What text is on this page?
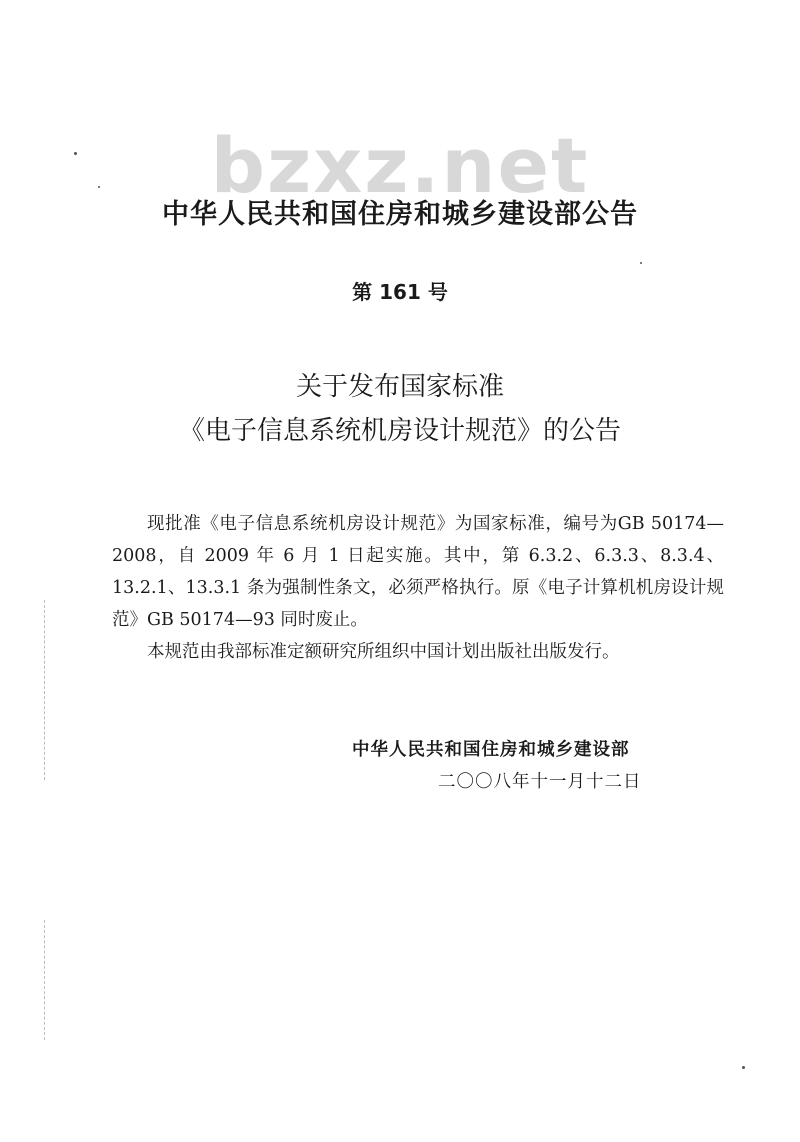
bzxz.net
中华人民共和国住房和城乡建设部公告
第 161 号
关于发布国家标准
《电子信息系统机房设计规范》的公告

现批准《电子信息系统机房设计规范》为国家标准，编号为GB 50174—2008，自 2009 年 6 月 1 日起实施。其中，第 6.3.2、6.3.3、8.3.4、13.2.1、13.3.1 条为强制性条文，必须严格执行。原《电子计算机机房设计规范》GB 50174—93 同时废止。

本规范由我部标准定额研究所组织中国计划出版社出版发行。

中华人民共和国住房和城乡建设部
二〇〇八年十一月十二日
